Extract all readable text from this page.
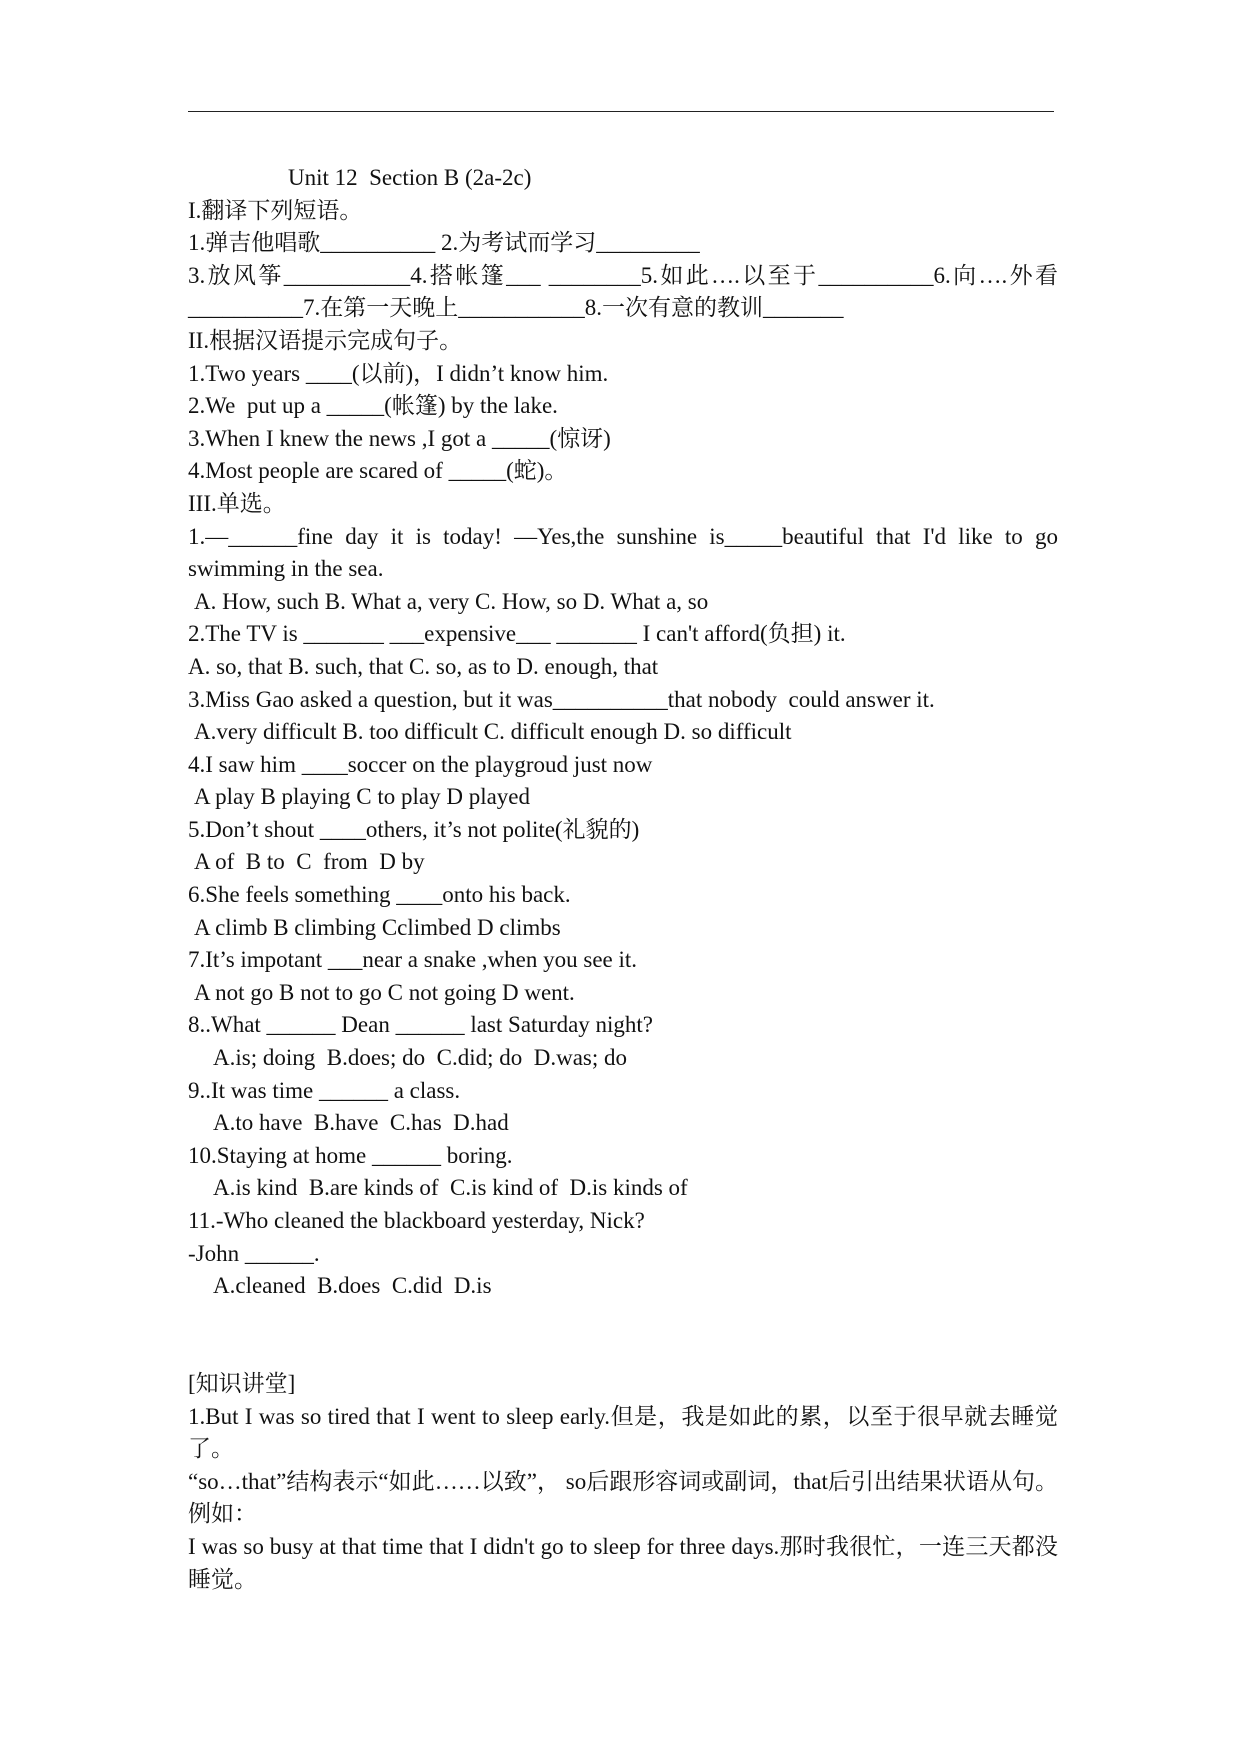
Unit 12  Section B (2a-2c)
I.翻译下列短语。
1.弹吉他唱歌__________ 2.为考试而学习_________
3.放风筝___________4.搭帐篷___ ________5.如此….以至于__________6.向….外看__________7.在第一天晚上___________8.一次有意的教训_______
II.根据汉语提示完成句子。
1.Two years ____(以前)，I didn’t know him.
2.We  put up a _____(帐篷) by the lake.
3.When I knew the news ,I got a _____(惊讶)
4.Most people are scared of _____(蛇)。
III.单选。
1.—______fine day it is today! —Yes,the sunshine is_____beautiful that I'd like to go swimming in the sea.
A. How, such B. What a, very C. How, so D. What a, so
2.The TV is _______ ___expensive___ _______ I can't afford(负担) it.
A. so, that B. such, that C. so, as to D. enough, that
3.Miss Gao asked a question, but it was__________that nobody  could answer it.
A.very difficult B. too difficult C. difficult enough D. so difficult
4.I saw him ____soccer on the playgroud just now
A play B playing C to play D played
5.Don’t shout ____others, it’s not polite(礼貌的)
A of  B to  C  from  D by
6.She feels something ____onto his back.
A climb B climbing Cclimbed D climbs
7.It’s impotant ___near a snake ,when you see it.
A not go B not to go C not going D went.
8..What ______ Dean ______ last Saturday night?
A.is; doing  B.does; do  C.did; do  D.was; do
9..It was time ______ a class.
A.to have  B.have  C.has  D.had
10.Staying at home ______ boring.
A.is kind  B.are kinds of  C.is kind of  D.is kinds of
11.-Who cleaned the blackboard yesterday, Nick?
-John ______.
A.cleaned  B.does  C.did  D.is
[知识讲堂]
1.But I was so tired that I went to sleep early.但是，我是如此的累，以至于很早就去睡觉了。
“so…that”结构表示“如此……以致”， so后跟形容词或副词，that后引出结果状语从句。例如：
I was so busy at that time that I didn't go to sleep for three days.那时我很忙，一连三天都没睡觉。
